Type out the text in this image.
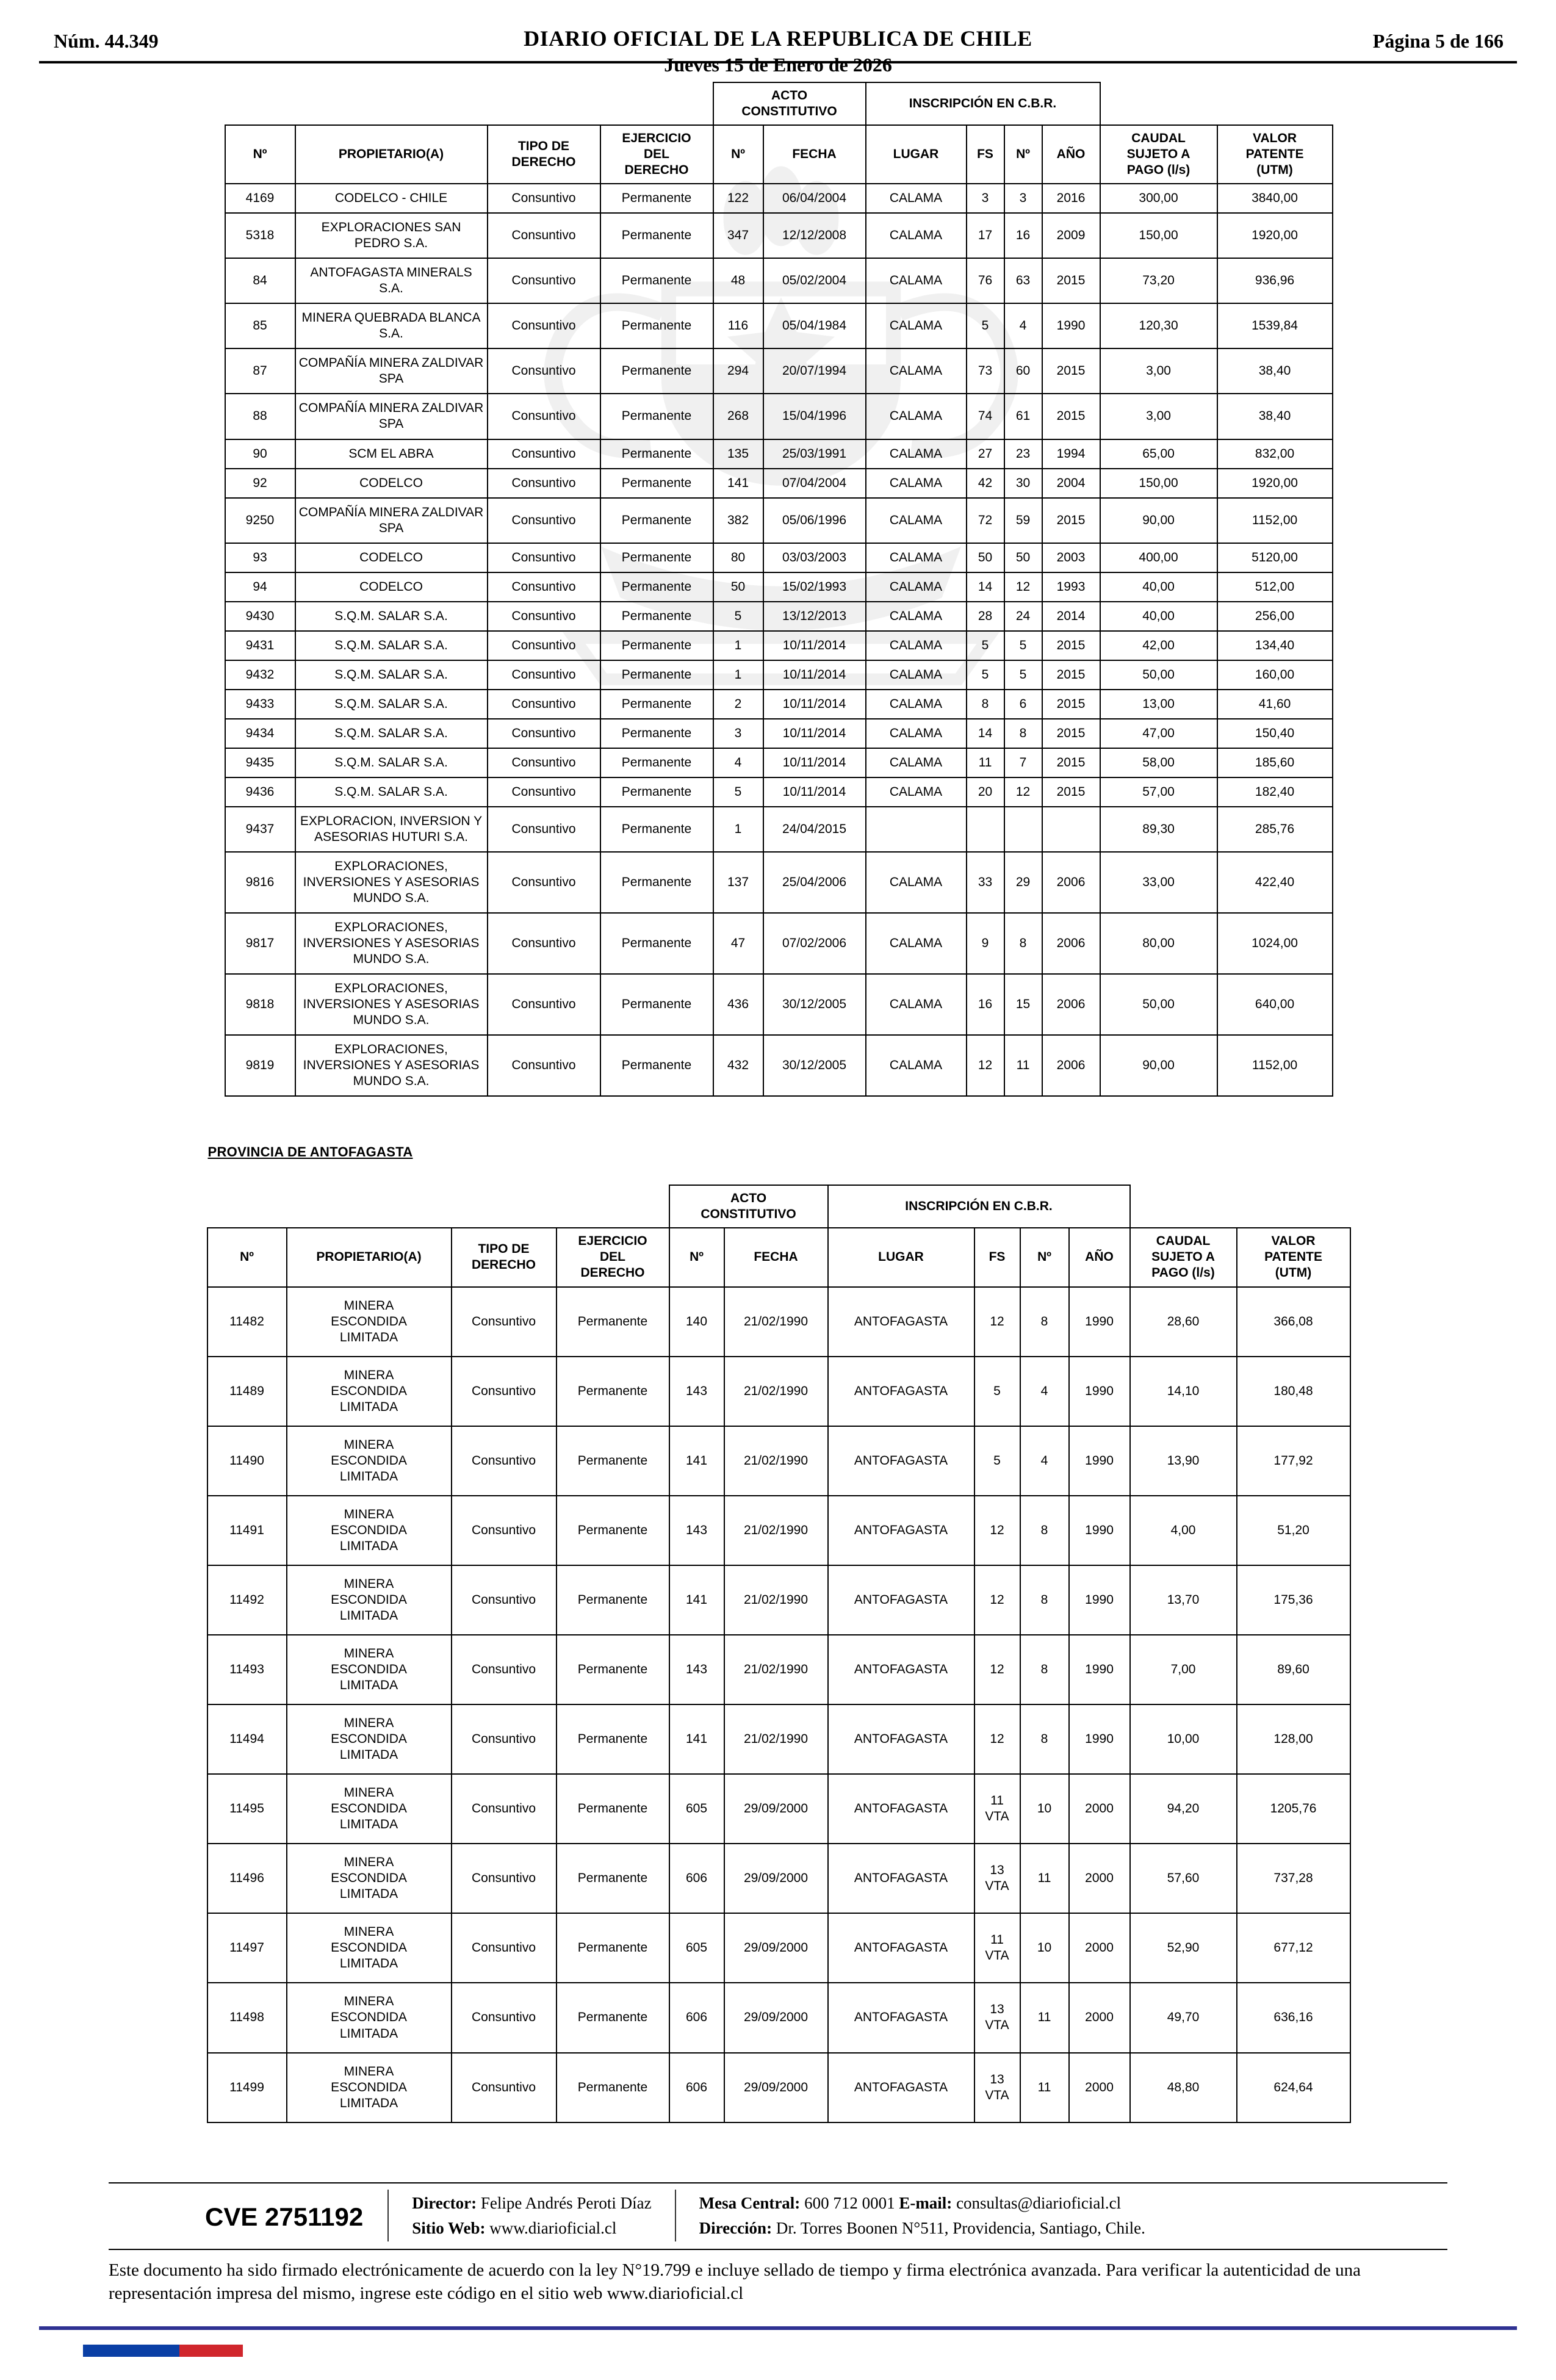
Núm. 44.349	DIARIO OFICIAL DE LA REPUBLICA DE CHILE
Jueves 15 de Enero de 2026
Página 5 de 166
				ACTO CONSTITUTIVO		INSCRIPCIÓN EN C.B.R.					
Nº	PROPIETARIO(A)	TIPO DE DERECHO	EJERCICIO DEL DERECHO	Nº	FECHA	LUGAR	FS	Nº	AÑO	CAUDAL SUJETO A PAGO (l/s)	VALOR PATENTE (UTM)
4169	CODELCO - CHILE	Consuntivo	Permanente	122	06/04/2004	CALAMA	3	3	2016	300,00	3840,00
5318	EXPLORACIONES SAN PEDRO S.A.	Consuntivo	Permanente	347	12/12/2008	CALAMA	17	16	2009	150,00	1920,00
84	ANTOFAGASTA MINERALS S.A.	Consuntivo	Permanente	48	05/02/2004	CALAMA	76	63	2015	73,20	936,96
85	MINERA QUEBRADA BLANCA S.A.	Consuntivo	Permanente	116	05/04/1984	CALAMA	5	4	1990	120,30	1539,84
87	COMPAÑÍA MINERA ZALDIVAR SPA	Consuntivo	Permanente	294	20/07/1994	CALAMA	73	60	2015	3,00	38,40
88	COMPAÑÍA MINERA ZALDIVAR SPA	Consuntivo	Permanente	268	15/04/1996	CALAMA	74	61	2015	3,00	38,40
90	SCM EL ABRA	Consuntivo	Permanente	135	25/03/1991	CALAMA	27	23	1994	65,00	832,00
92	CODELCO	Consuntivo	Permanente	141	07/04/2004	CALAMA	42	30	2004	150,00	1920,00
9250	COMPAÑÍA MINERA ZALDIVAR SPA	Consuntivo	Permanente	382	05/06/1996	CALAMA	72	59	2015	90,00	1152,00
93	CODELCO	Consuntivo	Permanente	80	03/03/2003	CALAMA	50	50	2003	400,00	5120,00
94	CODELCO	Consuntivo	Permanente	50	15/02/1993	CALAMA	14	12	1993	40,00	512,00
9430	S.Q.M. SALAR S.A.	Consuntivo	Permanente	5	13/12/2013	CALAMA	28	24	2014	40,00	256,00
9431	S.Q.M. SALAR S.A.	Consuntivo	Permanente	1	10/11/2014	CALAMA	5	5	2015	42,00	134,40
9432	S.Q.M. SALAR S.A.	Consuntivo	Permanente	1	10/11/2014	CALAMA	5	5	2015	50,00	160,00
9433	S.Q.M. SALAR S.A.	Consuntivo	Permanente	2	10/11/2014	CALAMA	8	6	2015	13,00	41,60
9434	S.Q.M. SALAR S.A.	Consuntivo	Permanente	3	10/11/2014	CALAMA	14	8	2015	47,00	150,40
9435	S.Q.M. SALAR S.A.	Consuntivo	Permanente	4	10/11/2014	CALAMA	11	7	2015	58,00	185,60
9436	S.Q.M. SALAR S.A.	Consuntivo	Permanente	5	10/11/2014	CALAMA	20	12	2015	57,00	182,40
9437	EXPLORACION, INVERSION Y ASESORIAS HUTURI S.A.	Consuntivo	Permanente	1	24/04/2015					89,30	285,76
9816	EXPLORACIONES, INVERSIONES Y ASESORIAS MUNDO S.A.	Consuntivo	Permanente	137	25/04/2006	CALAMA	33	29	2006	33,00	422,40
9817	EXPLORACIONES, INVERSIONES Y ASESORIAS MUNDO S.A.	Consuntivo	Permanente	47	07/02/2006	CALAMA	9	8	2006	80,00	1024,00
9818	EXPLORACIONES, INVERSIONES Y ASESORIAS MUNDO S.A.	Consuntivo	Permanente	436	30/12/2005	CALAMA	16	15	2006	50,00	640,00
9819	EXPLORACIONES, INVERSIONES Y ASESORIAS MUNDO S.A.	Consuntivo	Permanente	432	30/12/2005	CALAMA	12	11	2006	90,00	1152,00
PROVINCIA DE ANTOFAGASTA
				ACTO CONSTITUTIVO		INSCRIPCIÓN EN C.B.R.					
Nº	PROPIETARIO(A)	TIPO DE DERECHO	EJERCICIO DEL DERECHO	Nº	FECHA	LUGAR	FS	Nº	AÑO	CAUDAL SUJETO A PAGO (l/s)	VALOR PATENTE (UTM)
11482	MINERA ESCONDIDA LIMITADA	Consuntivo	Permanente	140	21/02/1990	ANTOFAGASTA	12	8	1990	28,60	366,08
11489	MINERA ESCONDIDA LIMITADA	Consuntivo	Permanente	143	21/02/1990	ANTOFAGASTA	5	4	1990	14,10	180,48
11490	MINERA ESCONDIDA LIMITADA	Consuntivo	Permanente	141	21/02/1990	ANTOFAGASTA	5	4	1990	13,90	177,92
11491	MINERA ESCONDIDA LIMITADA	Consuntivo	Permanente	143	21/02/1990	ANTOFAGASTA	12	8	1990	4,00	51,20
11492	MINERA ESCONDIDA LIMITADA	Consuntivo	Permanente	141	21/02/1990	ANTOFAGASTA	12	8	1990	13,70	175,36
11493	MINERA ESCONDIDA LIMITADA	Consuntivo	Permanente	143	21/02/1990	ANTOFAGASTA	12	8	1990	7,00	89,60
11494	MINERA ESCONDIDA LIMITADA	Consuntivo	Permanente	141	21/02/1990	ANTOFAGASTA	12	8	1990	10,00	128,00
11495	MINERA ESCONDIDA LIMITADA	Consuntivo	Permanente	605	29/09/2000	ANTOFAGASTA	11 VTA	10	2000	94,20	1205,76
11496	MINERA ESCONDIDA LIMITADA	Consuntivo	Permanente	606	29/09/2000	ANTOFAGASTA	13 VTA	11	2000	57,60	737,28
11497	MINERA ESCONDIDA LIMITADA	Consuntivo	Permanente	605	29/09/2000	ANTOFAGASTA	11 VTA	10	2000	52,90	677,12
11498	MINERA ESCONDIDA LIMITADA	Consuntivo	Permanente	606	29/09/2000	ANTOFAGASTA	13 VTA	11	2000	49,70	636,16
11499	MINERA ESCONDIDA LIMITADA	Consuntivo	Permanente	606	29/09/2000	ANTOFAGASTA	13 VTA	11	2000	48,80	624,64
CVE 2751192	Director: Felipe Andrés Peroti Díaz
Sitio Web: www.diarioficial.cl
Mesa Central: 600 712 0001 E-mail: consultas@diarioficial.cl
Dirección: Dr. Torres Boonen N°511, Providencia, Santiago, Chile.
Este documento ha sido firmado electrónicamente de acuerdo con la ley N°19.799 e incluye sellado de tiempo y firma electrónica avanzada. Para verificar la autenticidad de una representación impresa del mismo, ingrese este código en el sitio web www.diarioficial.cl
